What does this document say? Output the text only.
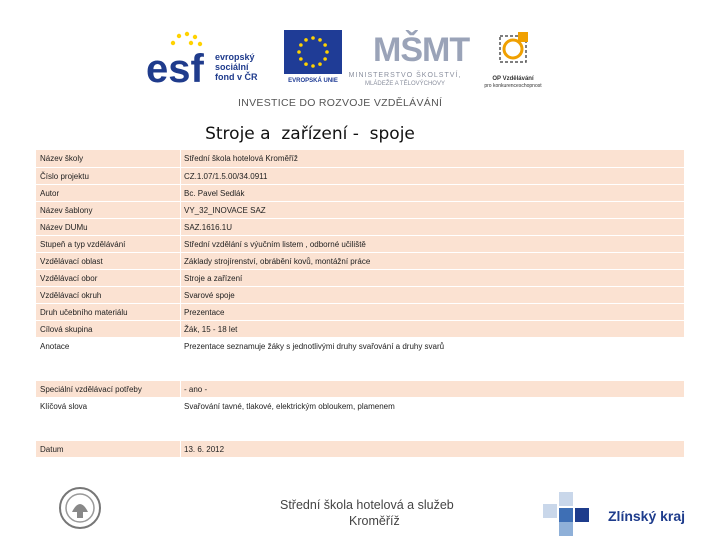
esf evropský
sociální
fond v ČR	EVROPSKÁ UNIE
MŠMT
MINISTERSTVO ŠKOLSTVÍ,
MLÁDEŽE A TĚLOVÝCHOVY
OP Vzdělávání
pro konkurenceschopnost
INVESTICE DO ROZVOJE VZDĚLÁVÁNÍ
Stroje a  zařízení -  spoje
Název školy	Střední škola hotelová Kroměříž
Číslo projektu	CZ.1.07/1.5.00/34.0911
Autor	Bc. Pavel Sedlák
Název šablony	VY_32_INOVACE SAZ
Název DUMu	SAZ.1616.1U
Stupeň a typ vzdělávání	Střední vzdělání s výučním listem , odborné učiliště
Vzdělávací oblast	Základy strojírenství, obrábění kovů, montážní práce
Vzdělávací obor	Stroje a zařízení
Vzdělávací okruh	Svarové spoje
Druh učebního materiálu	Prezentace
Cílová skupina	Žák, 15 - 18 let
Anotace	Prezentace seznamuje žáky s jednotlivými druhy svařování a druhy svarů
Speciální vzdělávací potřeby	- ano -
Klíčová slova	Svařování tavné, tlakové, elektrickým obloukem, plamenem
Datum	13. 6. 2012
Střední škola hotelová a služeb
Kroměříž	Zlínský kraj
